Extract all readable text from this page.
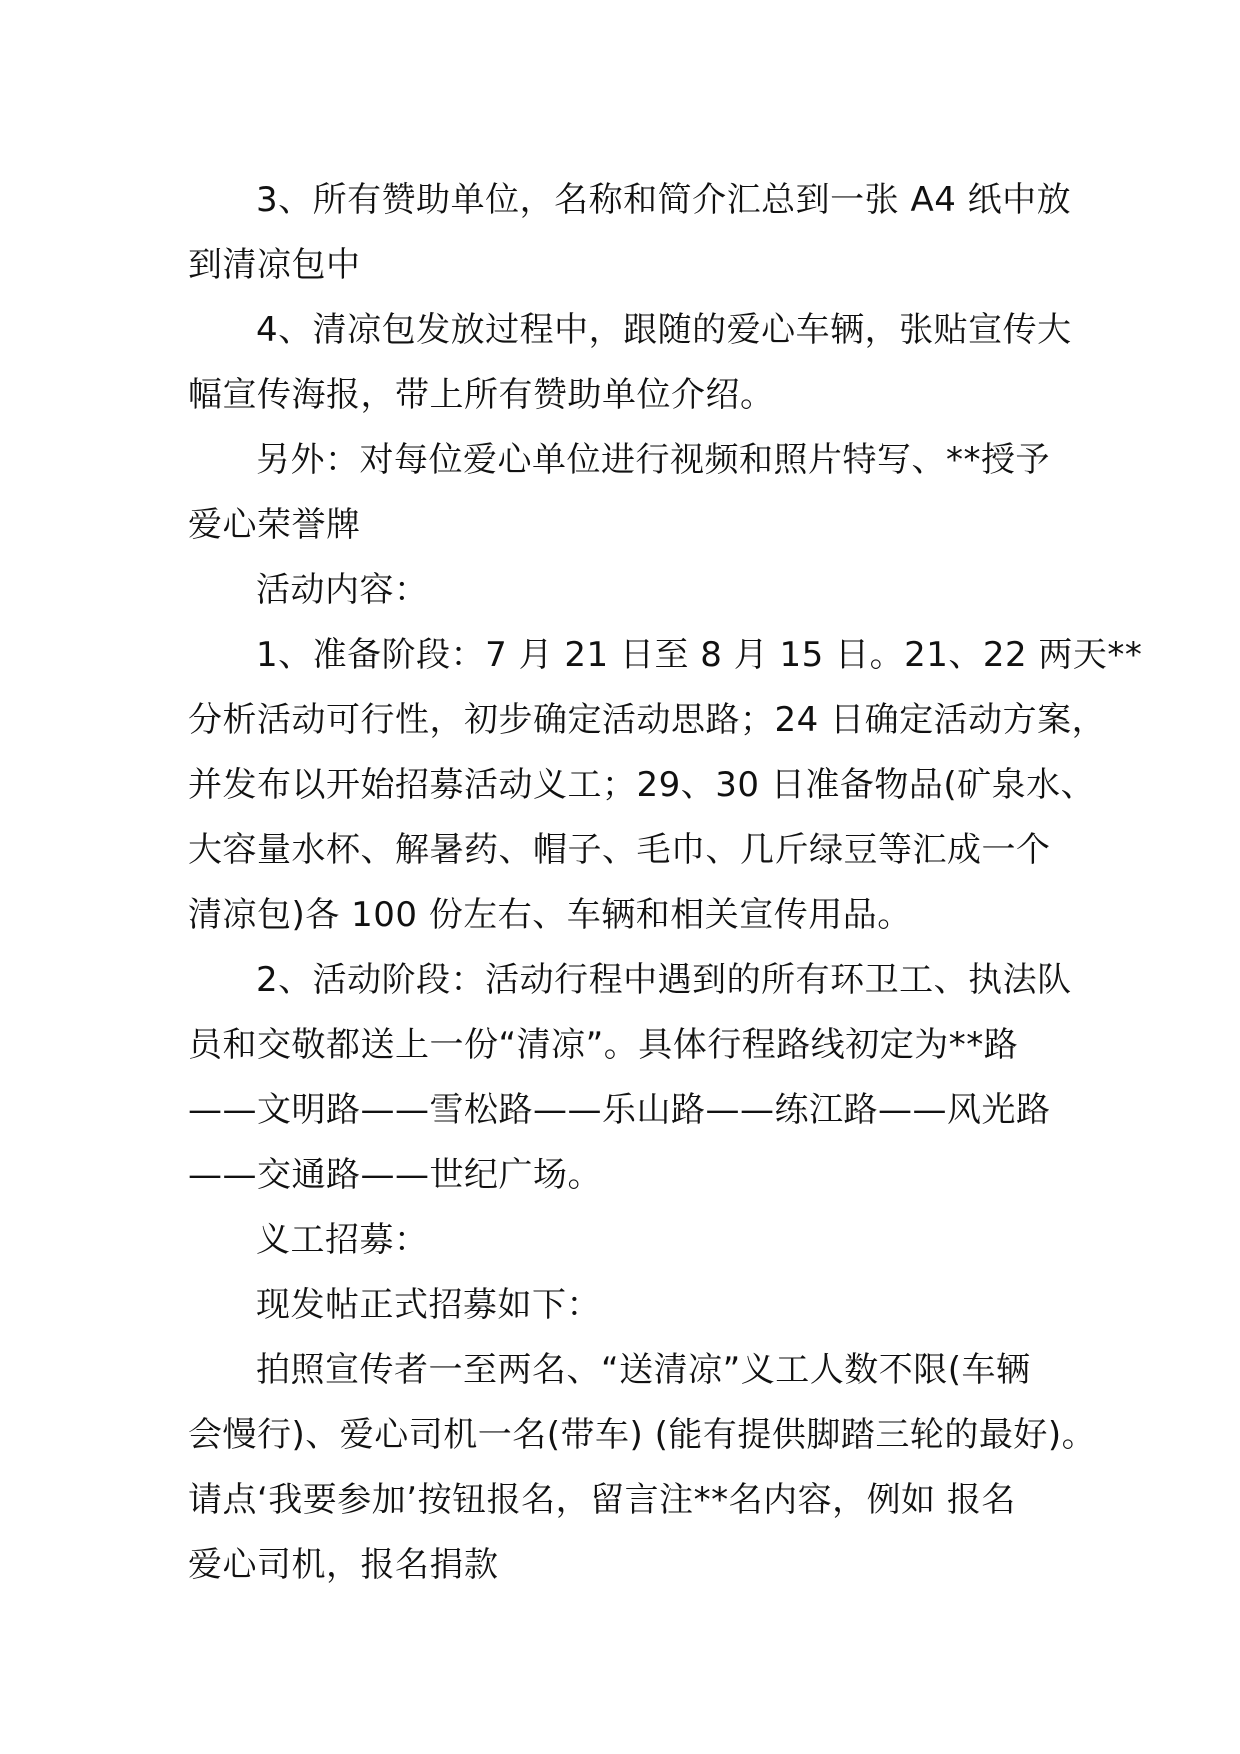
3、所有赞助单位，名称和简介汇总到一张 A4 纸中放
到清凉包中

4、清凉包发放过程中，跟随的爱心车辆，张贴宣传大
幅宣传海报，带上所有赞助单位介绍。

另外：对每位爱心单位进行视频和照片特写、**授予
爱心荣誉牌

活动内容：

1、准备阶段：7 月 21 日至 8 月 15 日。21、22 两天**
分析活动可行性，初步确定活动思路；24 日确定活动方案，
并发布以开始招募活动义工；29、30 日准备物品(矿泉水、
大容量水杯、解暑药、帽子、毛巾、几斤绿豆等汇成一个
清凉包)各 100 份左右、车辆和相关宣传用品。

2、活动阶段：活动行程中遇到的所有环卫工、执法队
员和交敬都送上一份“清凉”。具体行程路线初定为**路
——文明路——雪松路——乐山路——练江路——风光路
——交通路——世纪广场。

义工招募：

现发帖正式招募如下：

拍照宣传者一至两名、“送清凉”义工人数不限(车辆
会慢行)、爱心司机一名(带车) (能有提供脚踏三轮的最好)。
请点‘我要参加’按钮报名，留言注**名内容，例如 报名
爱心司机，报名捐款
